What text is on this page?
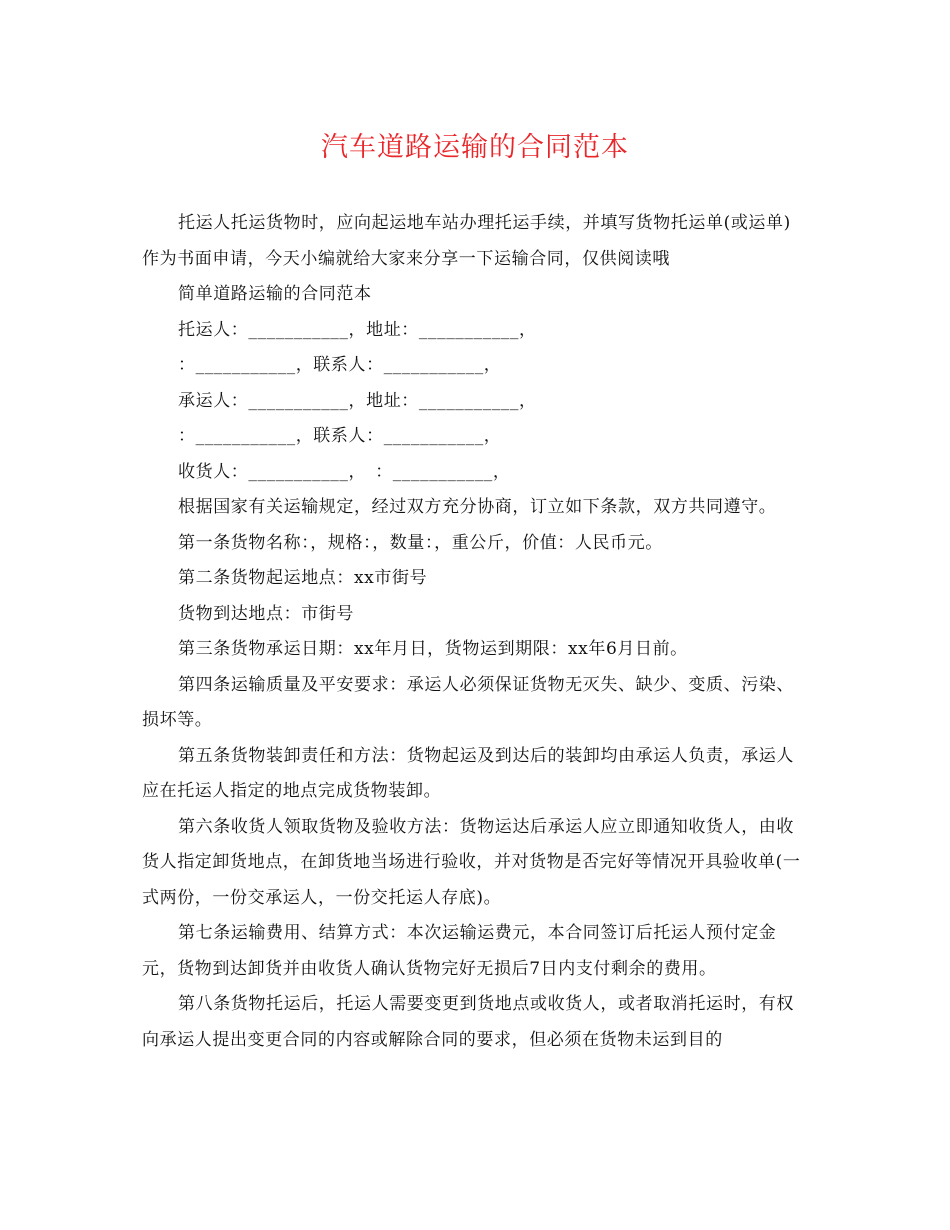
汽车道路运输的合同范本

托运人托运货物时，应向起运地车站办理托运手续，并填写货物托运单(或运单)作为书面申请，今天小编就给大家来分享一下运输合同，仅供阅读哦

简单道路运输的合同范本

托运人：___________，地址：___________，

：___________，联系人：___________，

承运人：___________，地址：___________，

：___________，联系人：___________，

收货人：___________，　：___________，

根据国家有关运输规定，经过双方充分协商，订立如下条款，双方共同遵守。

第一条货物名称：，规格：，数量：，重公斤，价值：人民币元。

第二条货物起运地点：xx市街号

货物到达地点：市街号

第三条货物承运日期：xx年月日，货物运到期限：xx年6月日前。

第四条运输质量及平安要求：承运人必须保证货物无灭失、缺少、变质、污染、损坏等。

第五条货物装卸责任和方法：货物起运及到达后的装卸均由承运人负责，承运人应在托运人指定的地点完成货物装卸。

第六条收货人领取货物及验收方法：货物运达后承运人应立即通知收货人，由收货人指定卸货地点，在卸货地当场进行验收，并对货物是否完好等情况开具验收单(一式两份，一份交承运人，一份交托运人存底)。

第七条运输费用、结算方式：本次运输运费元，本合同签订后托运人预付定金元，货物到达卸货并由收货人确认货物完好无损后7日内支付剩余的费用。

第八条货物托运后，托运人需要变更到货地点或收货人，或者取消托运时，有权向承运人提出变更合同的内容或解除合同的要求，但必须在货物未运到目的
